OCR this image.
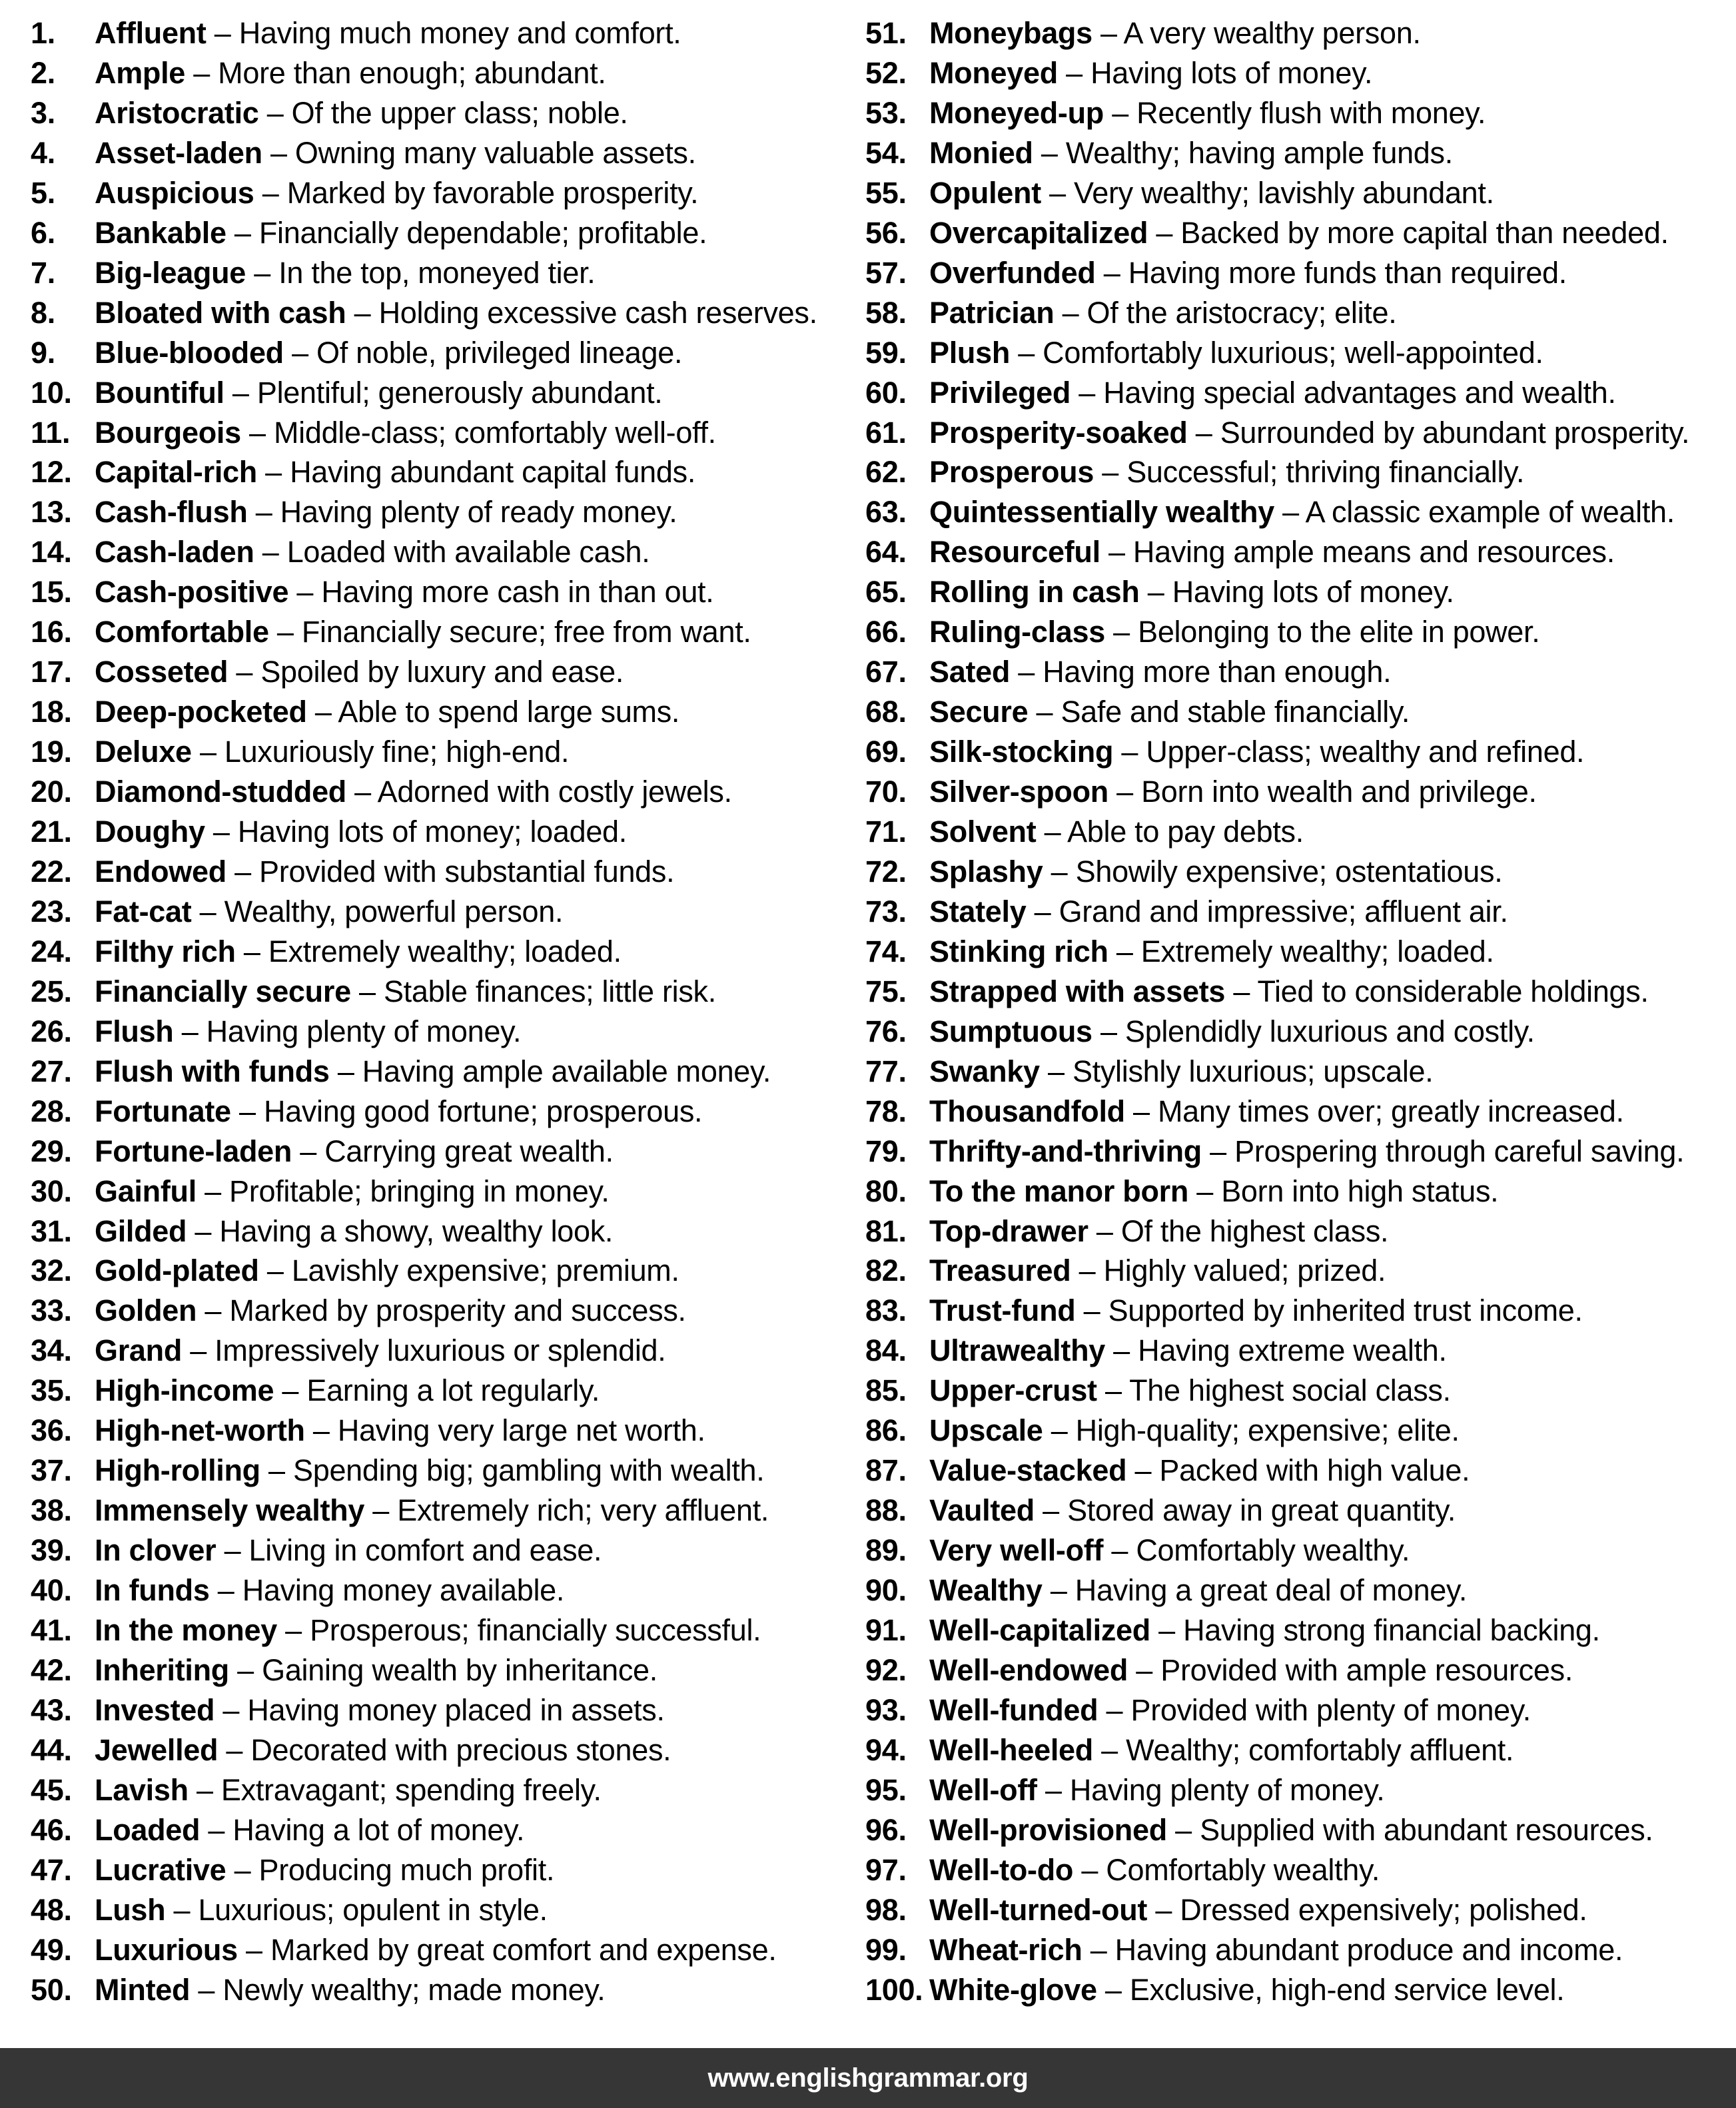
1. Affluent – Having much money and comfort.
2. Ample – More than enough; abundant.
3. Aristocratic – Of the upper class; noble.
4. Asset-laden – Owning many valuable assets.
5. Auspicious – Marked by favorable prosperity.
6. Bankable – Financially dependable; profitable.
7. Big-league – In the top, moneyed tier.
8. Bloated with cash – Holding excessive cash reserves.
9. Blue-blooded – Of noble, privileged lineage.
10. Bountiful – Plentiful; generously abundant.
11. Bourgeois – Middle-class; comfortably well-off.
12. Capital-rich – Having abundant capital funds.
13. Cash-flush – Having plenty of ready money.
14. Cash-laden – Loaded with available cash.
15. Cash-positive – Having more cash in than out.
16. Comfortable – Financially secure; free from want.
17. Cosseted – Spoiled by luxury and ease.
18. Deep-pocketed – Able to spend large sums.
19. Deluxe – Luxuriously fine; high-end.
20. Diamond-studded – Adorned with costly jewels.
21. Doughy – Having lots of money; loaded.
22. Endowed – Provided with substantial funds.
23. Fat-cat – Wealthy, powerful person.
24. Filthy rich – Extremely wealthy; loaded.
25. Financially secure – Stable finances; little risk.
26. Flush – Having plenty of money.
27. Flush with funds – Having ample available money.
28. Fortunate – Having good fortune; prosperous.
29. Fortune-laden – Carrying great wealth.
30. Gainful – Profitable; bringing in money.
31. Gilded – Having a showy, wealthy look.
32. Gold-plated – Lavishly expensive; premium.
33. Golden – Marked by prosperity and success.
34. Grand – Impressively luxurious or splendid.
35. High-income – Earning a lot regularly.
36. High-net-worth – Having very large net worth.
37. High-rolling – Spending big; gambling with wealth.
38. Immensely wealthy – Extremely rich; very affluent.
39. In clover – Living in comfort and ease.
40. In funds – Having money available.
41. In the money – Prosperous; financially successful.
42. Inheriting – Gaining wealth by inheritance.
43. Invested – Having money placed in assets.
44. Jewelled – Decorated with precious stones.
45. Lavish – Extravagant; spending freely.
46. Loaded – Having a lot of money.
47. Lucrative – Producing much profit.
48. Lush – Luxurious; opulent in style.
49. Luxurious – Marked by great comfort and expense.
50. Minted – Newly wealthy; made money.
51. Moneybags – A very wealthy person.
52. Moneyed – Having lots of money.
53. Moneyed-up – Recently flush with money.
54. Monied – Wealthy; having ample funds.
55. Opulent – Very wealthy; lavishly abundant.
56. Overcapitalized – Backed by more capital than needed.
57. Overfunded – Having more funds than required.
58. Patrician – Of the aristocracy; elite.
59. Plush – Comfortably luxurious; well-appointed.
60. Privileged – Having special advantages and wealth.
61. Prosperity-soaked – Surrounded by abundant prosperity.
62. Prosperous – Successful; thriving financially.
63. Quintessentially wealthy – A classic example of wealth.
64. Resourceful – Having ample means and resources.
65. Rolling in cash – Having lots of money.
66. Ruling-class – Belonging to the elite in power.
67. Sated – Having more than enough.
68. Secure – Safe and stable financially.
69. Silk-stocking – Upper-class; wealthy and refined.
70. Silver-spoon – Born into wealth and privilege.
71. Solvent – Able to pay debts.
72. Splashy – Showily expensive; ostentatious.
73. Stately – Grand and impressive; affluent air.
74. Stinking rich – Extremely wealthy; loaded.
75. Strapped with assets – Tied to considerable holdings.
76. Sumptuous – Splendidly luxurious and costly.
77. Swanky – Stylishly luxurious; upscale.
78. Thousandfold – Many times over; greatly increased.
79. Thrifty-and-thriving – Prospering through careful saving.
80. To the manor born – Born into high status.
81. Top-drawer – Of the highest class.
82. Treasured – Highly valued; prized.
83. Trust-fund – Supported by inherited trust income.
84. Ultrawealthy – Having extreme wealth.
85. Upper-crust – The highest social class.
86. Upscale – High-quality; expensive; elite.
87. Value-stacked – Packed with high value.
88. Vaulted – Stored away in great quantity.
89. Very well-off – Comfortably wealthy.
90. Wealthy – Having a great deal of money.
91. Well-capitalized – Having strong financial backing.
92. Well-endowed – Provided with ample resources.
93. Well-funded – Provided with plenty of money.
94. Well-heeled – Wealthy; comfortably affluent.
95. Well-off – Having plenty of money.
96. Well-provisioned – Supplied with abundant resources.
97. Well-to-do – Comfortably wealthy.
98. Well-turned-out – Dressed expensively; polished.
99. Wheat-rich – Having abundant produce and income.
100. White-glove – Exclusive, high-end service level.
www.englishgrammar.org
